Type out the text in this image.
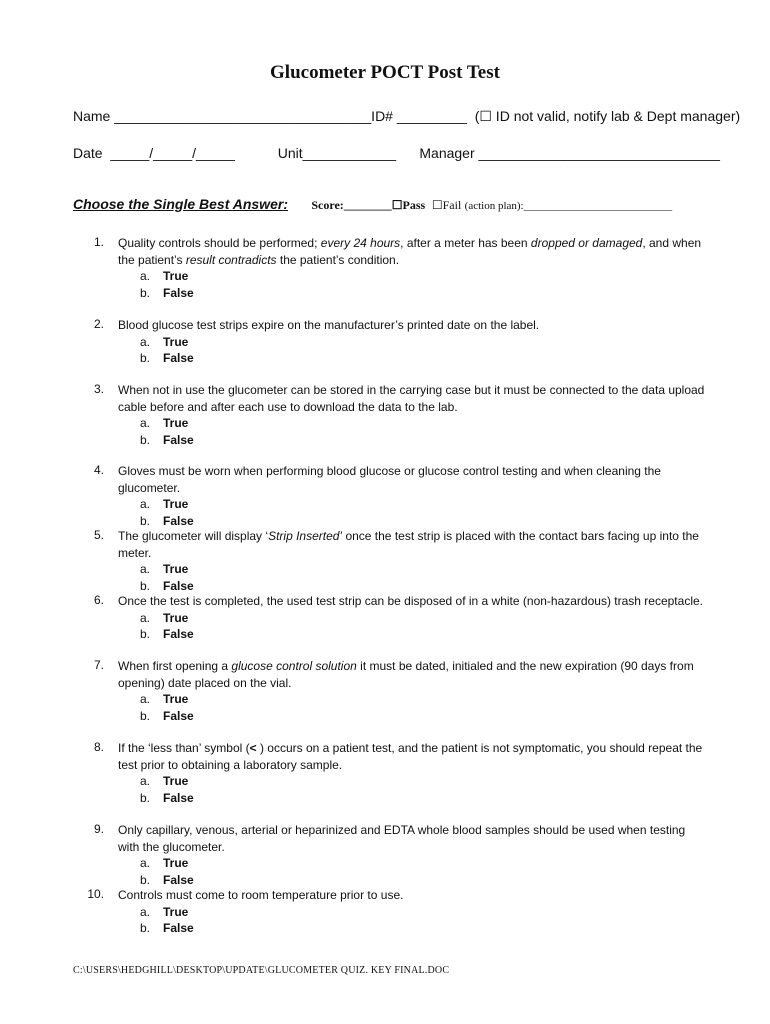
Glucometer POCT Post Test
Name _________________________________ID# _________  (☐ ID not valid, notify lab & Dept manager)
Date  _____/_____/_____           Unit____________      Manager _______________________________
Choose the Single Best Answer: Score:________☐Pass ☐Fail (action plan):___________________________
1. Quality controls should be performed; every 24 hours, after a meter has been dropped or damaged, and when the patient’s result contradicts the patient’s condition.
a. True
b. False
2. Blood glucose test strips expire on the manufacturer’s printed date on the label.
a. True
b. False
3. When not in use the glucometer can be stored in the carrying case but it must be connected to the data upload cable before and after each use to download the data to the lab.
a. True
b. False
4. Gloves must be worn when performing blood glucose or glucose control testing and when cleaning the glucometer.
a. True
b. False
5. The glucometer will display ‘Strip Inserted’ once the test strip is placed with the contact bars facing up into the meter.
a. True
b. False
6. Once the test is completed, the used test strip can be disposed of in a white (non-hazardous) trash receptacle.
a. True
b. False
7. When first opening a glucose control solution it must be dated, initialed and the new expiration (90 days from opening) date placed on the vial.
a. True
b. False
8. If the ‘less than’ symbol (< ) occurs on a patient test, and the patient is not symptomatic, you should repeat the test prior to obtaining a laboratory sample.
a. True
b. False
9. Only capillary, venous, arterial or heparinized and EDTA whole blood samples should be used when testing with the glucometer.
a. True
b. False
10. Controls must come to room temperature prior to use.
a. True
b. False
C:\USERS\HEDGHILL\DESKTOP\UPDATE\GLUCOMETER QUIZ. KEY FINAL.DOC
